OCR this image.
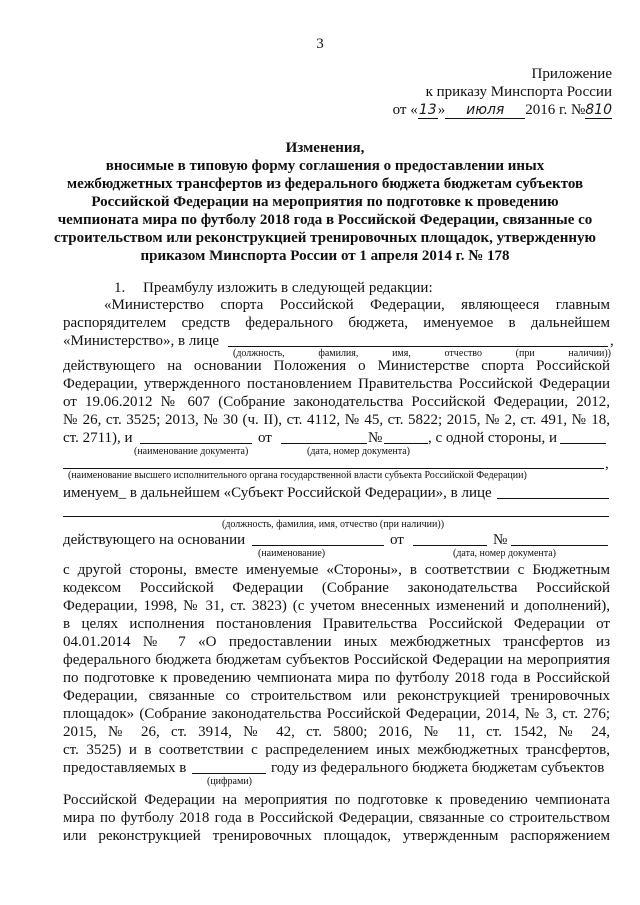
3
Приложение
к приказу Минспорта России
от «13» июля 2016 г. №810
Изменения,
вносимые в типовую форму соглашения о предоставлении иных
межбюджетных трансфертов из федерального бюджета бюджетам субъектов
Российской Федерации на мероприятия по подготовке к проведению
чемпионата мира по футболу 2018 года в Российской Федерации, связанные со
строительством или реконструкцией тренировочных площадок, утвержденную
приказом Минспорта России от 1 апреля 2014 г. № 178
1. Преамбулу изложить в следующей редакции:
«Министерство спорта Российской Федерации, являющееся главным
распорядителем средств федерального бюджета, именуемое в дальнейшем
«Министерство», в лице	,
(должность, фамилия, имя, отчество (при наличии))
действующего на основании Положения о Министерстве спорта Российской
Федерации, утвержденного постановлением Правительства Российской Федерации
от 19.06.2012 № 607 (Собрание законодательства Российской Федерации, 2012,
№ 26, ст. 3525; 2013, № 30 (ч. II), ст. 4112, № 45, ст. 5822; 2015, № 2, ст. 491, № 18,
ст. 2711), и	от	№	, с одной стороны, и
(наименование документа)	(дата, номер документа)
,
(наименование высшего исполнительного органа государственной власти субъекта Российской Федерации)
именуем_ в дальнейшем «Субъект Российской Федерации», в лице
(должность, фамилия, имя, отчество (при наличии))
действующего на основании	от	№
(наименование)	(дата, номер документа)
с другой стороны, вместе именуемые «Стороны», в соответствии с Бюджетным
кодексом Российской Федерации (Собрание законодательства Российской
Федерации, 1998, № 31, ст. 3823) (с учетом внесенных изменений и дополнений),
в целях исполнения постановления Правительства Российской Федерации от
04.01.2014 № 7 «О предоставлении иных межбюджетных трансфертов из
федерального бюджета бюджетам субъектов Российской Федерации на мероприятия
по подготовке к проведению чемпионата мира по футболу 2018 года в Российской
Федерации, связанные со строительством или реконструкцией тренировочных
площадок» (Собрание законодательства Российской Федерации, 2014, № 3, ст. 276;
2015, № 26, ст. 3914, № 42, ст. 5800; 2016, № 11, ст. 1542, № 24,
ст. 3525) и в соответствии с распределением иных межбюджетных трансфертов,
предоставляемых в	году из федерального бюджета бюджетам субъектов
(цифрами)
Российской Федерации на мероприятия по подготовке к проведению чемпионата
мира по футболу 2018 года в Российской Федерации, связанные со строительством
или реконструкцией тренировочных площадок, утвержденным распоряжением
